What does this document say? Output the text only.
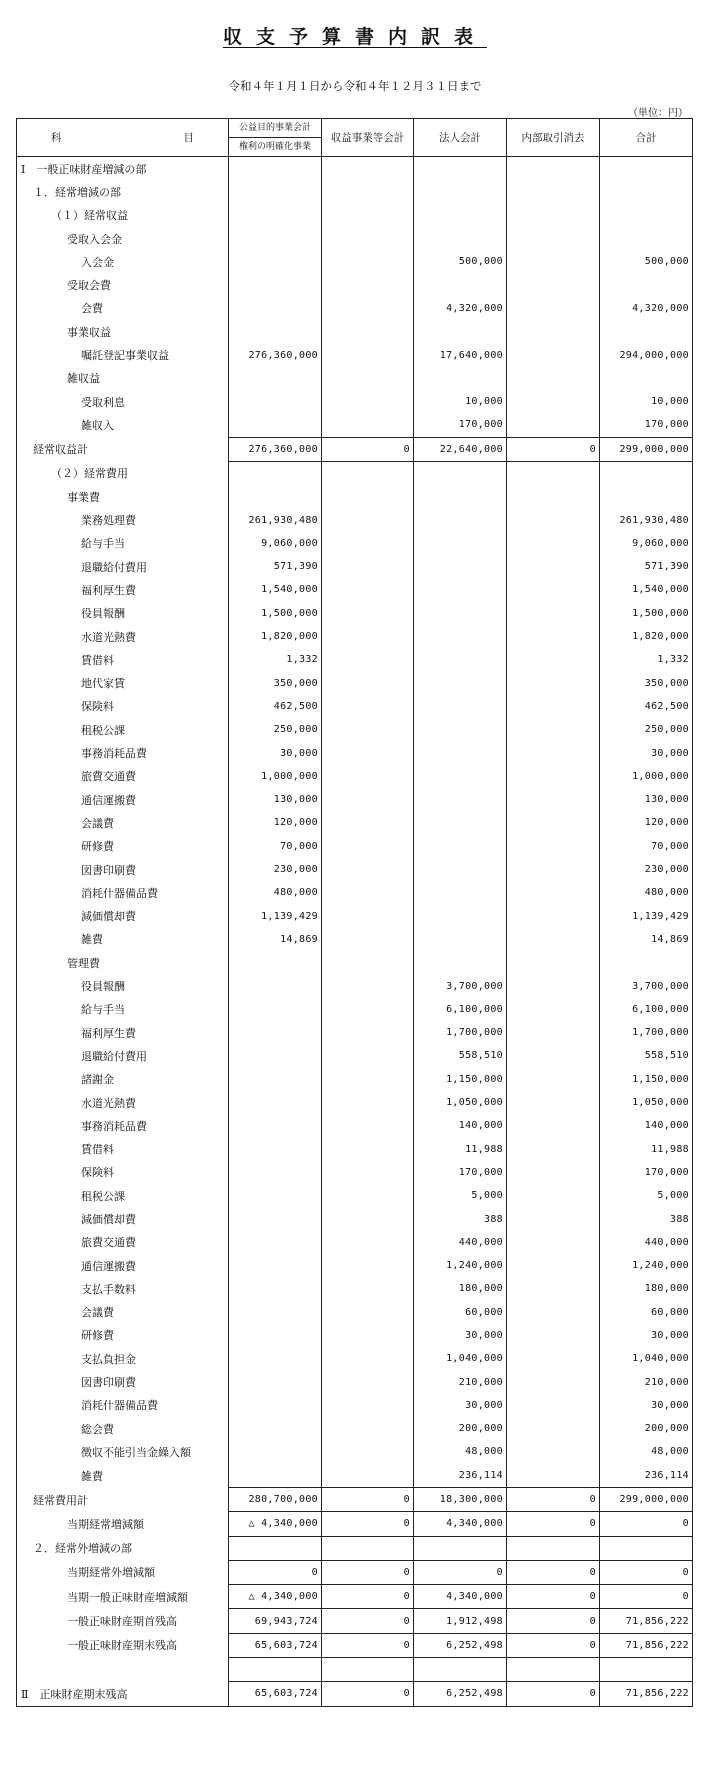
収支予算書内訳表
令和４年１月１日から令和４年１２月３１日まで
（単位：円）
科 目	公益目的事業会計	収益事業等会計	法人会計	内部取引消去	合計
	権利の明確化事業				
Ⅰ　一般正味財産増減の部					
１．経常増減の部					
（１）経常収益					
受取入会金					
入会金			500,000		500,000
受取会費					
会費			4,320,000		4,320,000
事業収益					
嘱託登記事業収益	276,360,000		17,640,000		294,000,000
雑収益					
受取利息			10,000		10,000
雑収入			170,000		170,000
経常収益計	276,360,000	0	22,640,000	0	299,000,000
（２）経常費用					
事業費					
業務処理費	261,930,480				261,930,480
給与手当	9,060,000				9,060,000
退職給付費用	571,390				571,390
福利厚生費	1,540,000				1,540,000
役員報酬	1,500,000				1,500,000
水道光熱費	1,820,000				1,820,000
賃借料	1,332				1,332
地代家賃	350,000				350,000
保険料	462,500				462,500
租税公課	250,000				250,000
事務消耗品費	30,000				30,000
旅費交通費	1,000,000				1,000,000
通信運搬費	130,000				130,000
会議費	120,000				120,000
研修費	70,000				70,000
図書印刷費	230,000				230,000
消耗什器備品費	480,000				480,000
減価償却費	1,139,429				1,139,429
雑費	14,869				14,869
管理費					
役員報酬			3,700,000		3,700,000
給与手当			6,100,000		6,100,000
福利厚生費			1,700,000		1,700,000
退職給付費用			558,510		558,510
諸謝金			1,150,000		1,150,000
水道光熱費			1,050,000		1,050,000
事務消耗品費			140,000		140,000
賃借料			11,988		11,988
保険料			170,000		170,000
租税公課			5,000		5,000
減価償却費			388		388
旅費交通費			440,000		440,000
通信運搬費			1,240,000		1,240,000
支払手数料			180,000		180,000
会議費			60,000		60,000
研修費			30,000		30,000
支払負担金			1,040,000		1,040,000
図書印刷費			210,000		210,000
消耗什器備品費			30,000		30,000
総会費			200,000		200,000
徴収不能引当金繰入額			48,000		48,000
雑費			236,114		236,114
経常費用計	280,700,000	0	18,300,000	0	299,000,000
当期経常増減額	△ 4,340,000	0	4,340,000	0	0
２．経常外増減の部					
当期経常外増減額	0	0	0	0	0
当期一般正味財産増減額	△ 4,340,000	0	4,340,000	0	0
一般正味財産期首残高	69,943,724	0	1,912,498	0	71,856,222
一般正味財産期末残高	65,603,724	0	6,252,498	0	71,856,222

Ⅱ　正味財産期末残高	65,603,724	0	6,252,498	0	71,856,222
